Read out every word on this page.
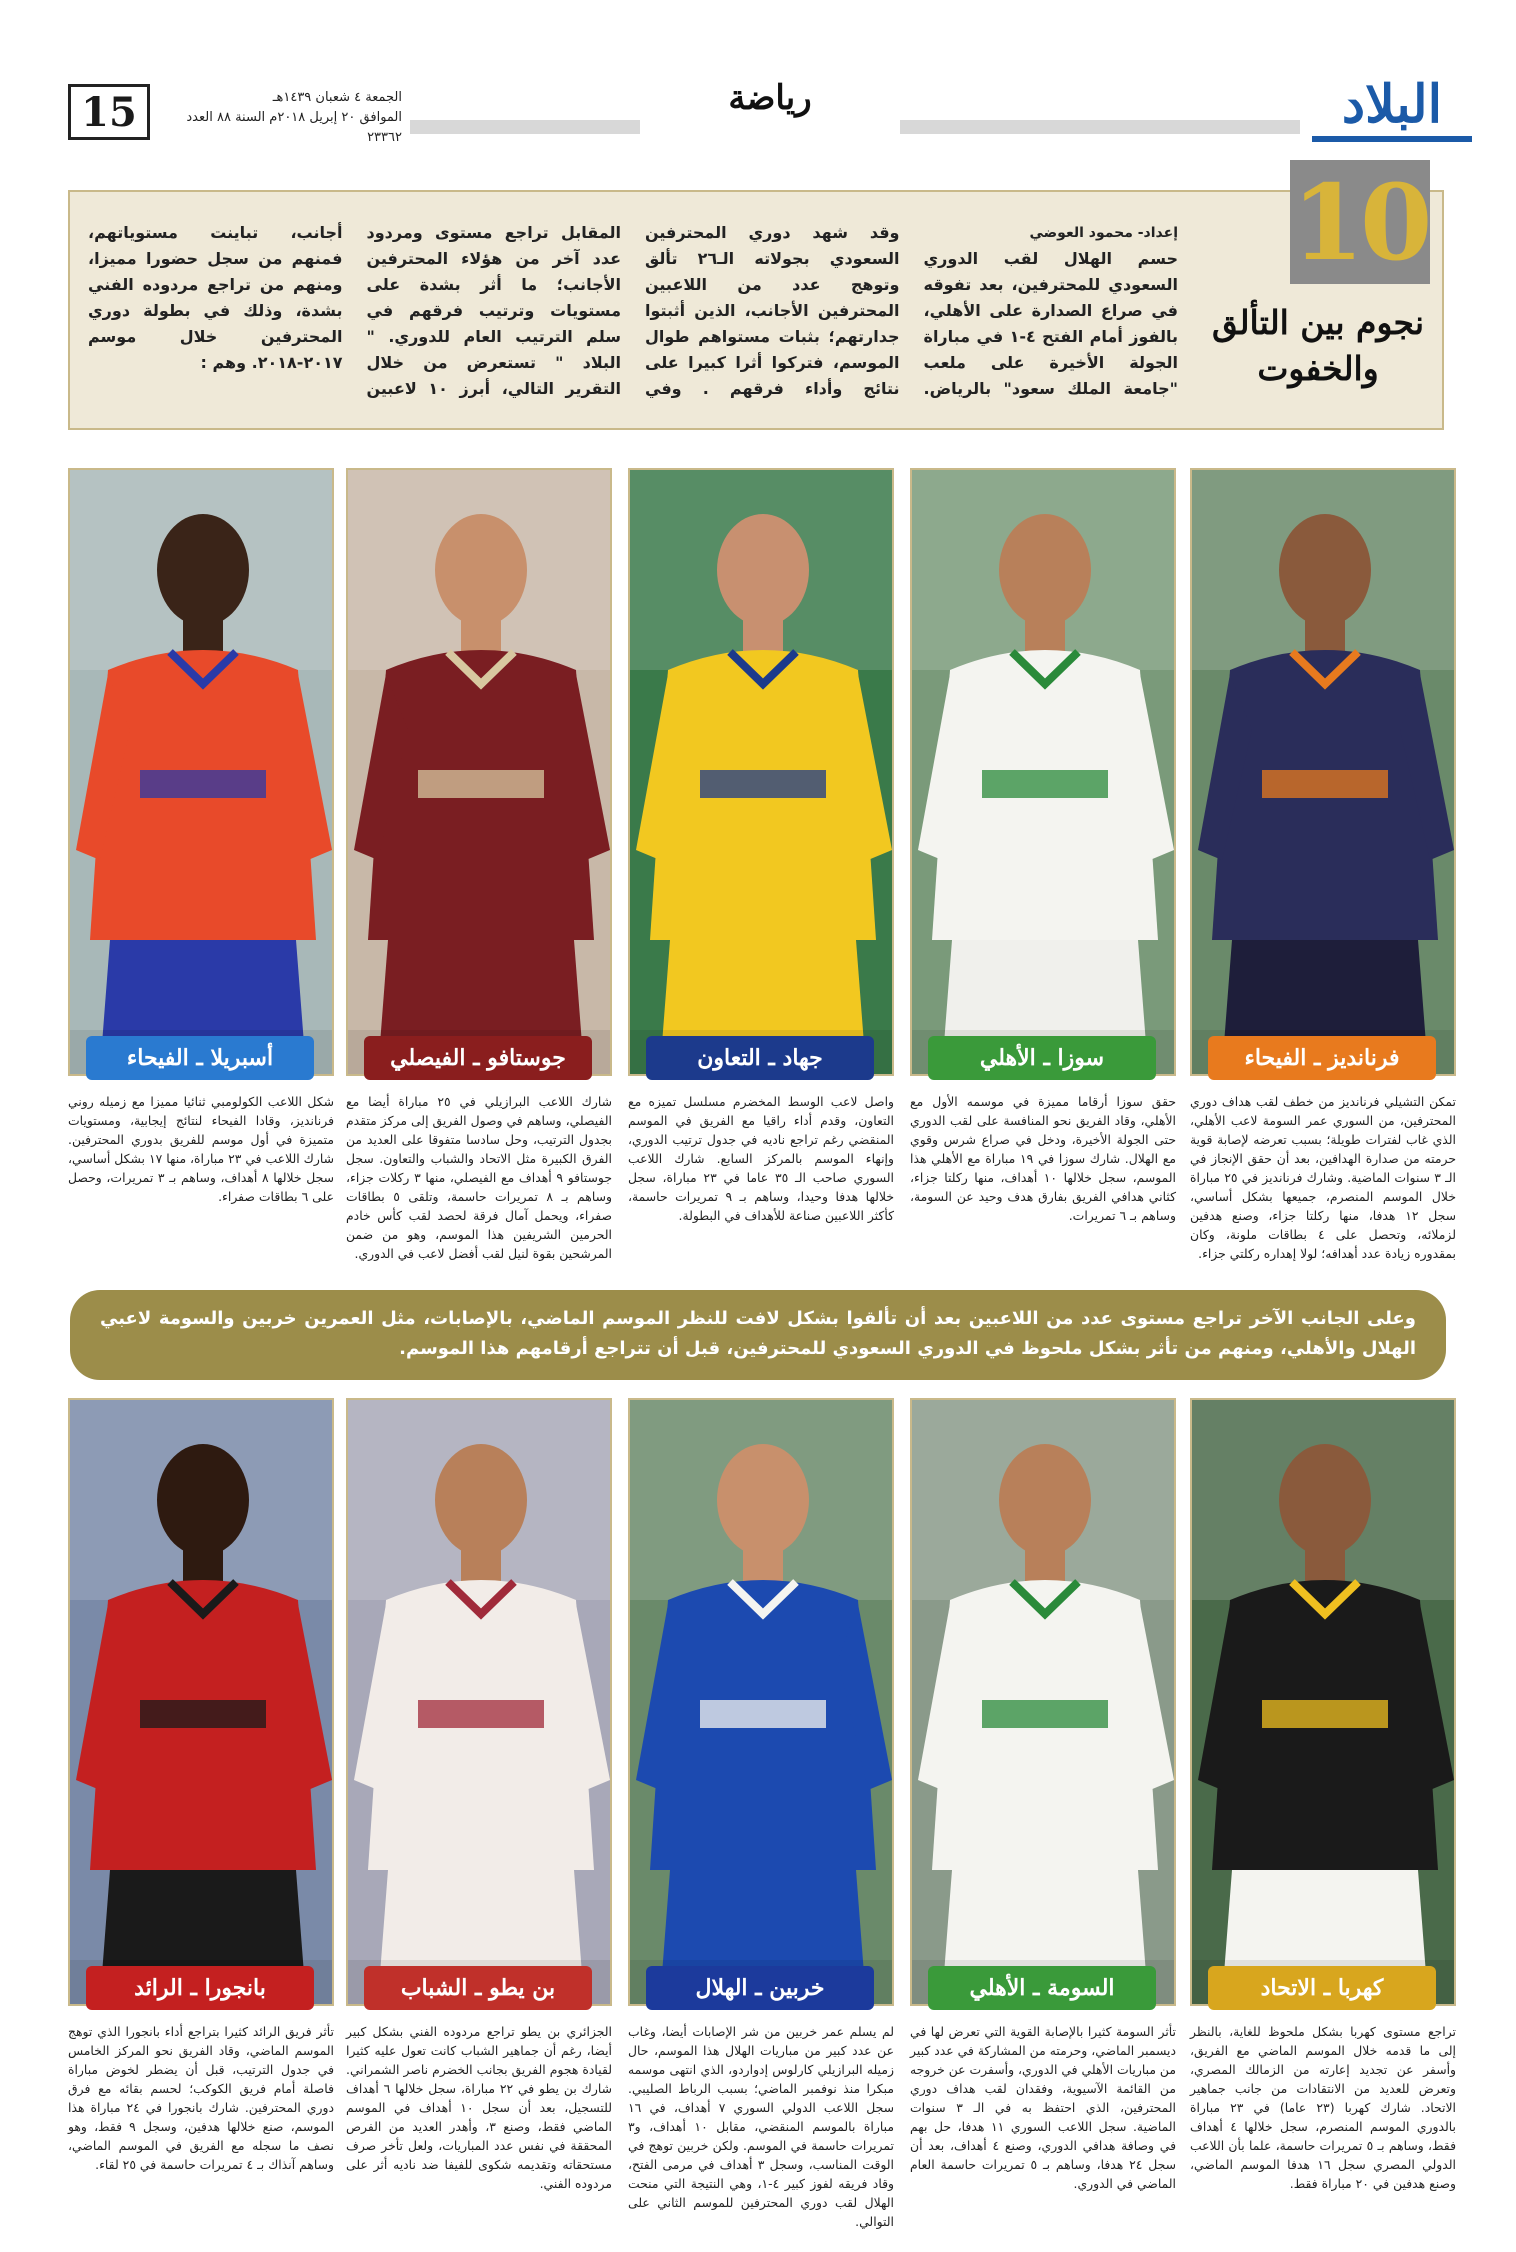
15	الجمعة ٤ شعبان ١٤٣٩هـ
الموافق ٢٠ إبريل ٢٠١٨م السنة ٨٨ العدد ٢٣٣٦٢
رياضة	البلاد
10
نجوم بين التألق والخفوت
إعداد- محمود العوضي
حسم الهلال لقب الدوري السعودي للمحترفين، بعد تفوقه في صراع الصدارة على الأهلي، بالفوز أمام الفتح ٤-١ في مباراة الجولة الأخيرة على ملعب "جامعة الملك سعود" بالرياض. وقد شهد دوري المحترفين السعودي بجولاته الـ٢٦ تألق وتوهج عدد من اللاعبين المحترفين الأجانب، الذين أثبتوا جدارتهم؛ بثبات مستواهم طوال الموسم، فتركوا أثرا كبيرا على نتائج وأداء فرقهم . وفي المقابل تراجع مستوى ومردود عدد آخر من هؤلاء المحترفين الأجانب؛ ما أثر بشدة على مستويات وترتيب فرقهم في سلم الترتيب العام للدوري. " البلاد " تستعرض من خلال التقرير التالي، أبرز ١٠ لاعبين أجانب، تباينت مستوياتهم، فمنهم من سجل حضورا مميزا، ومنهم من تراجع مردوده الفني بشدة، وذلك في بطولة دوري المحترفين خلال موسم ٢٠١٧-٢٠١٨. وهم :
فرنانديز ـ الفيحاء
تمكن التشيلي فرنانديز من خطف لقب هداف دوري المحترفين، من السوري عمر السومة لاعب الأهلي، الذي غاب لفترات طويلة؛ بسبب تعرضه لإصابة قوية حرمته من صدارة الهدافين، بعد أن حقق الإنجاز في الـ ٣ سنوات الماضية. وشارك فرنانديز في ٢٥ مباراة خلال الموسم المنصرم، جميعها بشكل أساسي، سجل ١٢ هدفا، منها ركلتا جزاء، وصنع هدفين لزملائه، وتحصل على ٤ بطاقات ملونة، وكان بمقدوره زيادة عدد أهدافه؛ لولا إهداره ركلتي جزاء.
سوزا ـ الأهلي
حقق سوزا أرقاما مميزة في موسمه الأول مع الأهلي، وقاد الفريق نحو المنافسة على لقب الدوري حتى الجولة الأخيرة، ودخل في صراع شرس وقوي مع الهلال. شارك سوزا في ١٩ مباراة مع الأهلي هذا الموسم، سجل خلالها ١٠ أهداف، منها ركلتا جزاء، كثاني هدافي الفريق بفارق هدف وحيد عن السومة، وساهم بـ ٦ تمريرات.
جهاد ـ التعاون
واصل لاعب الوسط المخضرم مسلسل تميزه مع التعاون، وقدم أداء راقيا مع الفريق في الموسم المنقضي رغم تراجع ناديه في جدول ترتيب الدوري، وإنهاء الموسم بالمركز السابع. شارك اللاعب السوري صاحب الـ ٣٥ عاما في ٢٣ مباراة، سجل خلالها هدفا وحيدا، وساهم بـ ٩ تمريرات حاسمة، كأكثر اللاعبين صناعة للأهداف في البطولة.
جوستافو ـ الفيصلي
شارك اللاعب البرازيلي في ٢٥ مباراة أيضا مع الفيصلي، وساهم في وصول الفريق إلى مركز متقدم بجدول الترتيب، وحل سادسا متفوقا على العديد من الفرق الكبيرة مثل الاتحاد والشباب والتعاون. سجل جوستافو ٩ أهداف مع الفيصلي، منها ٣ ركلات جزاء، وساهم بـ ٨ تمريرات حاسمة، وتلقى ٥ بطاقات صفراء، ويحمل آمال فرقة لحصد لقب كأس خادم الحرمين الشريفين هذا الموسم، وهو من ضمن المرشحين بقوة لنيل لقب أفضل لاعب في الدوري.
أسبريلا ـ الفيحاء
شكل اللاعب الكولومبي ثنائيا مميزا مع زميله روني فرنانديز، وقادا الفيحاء لنتائج إيجابية، ومستويات متميزة في أول موسم للفريق بدوري المحترفين. شارك اللاعب في ٢٣ مباراة، منها ١٧ بشكل أساسي، سجل خلالها ٨ أهداف، وساهم بـ ٣ تمريرات، وحصل على ٦ بطاقات صفراء.
وعلى الجانب الآخر تراجع مستوى عدد من اللاعبين بعد أن تألقوا بشكل لافت للنظر الموسم الماضي، بالإصابات، مثل العمرين خربين والسومة لاعبي الهلال والأهلي، ومنهم من تأثر بشكل ملحوظ في الدوري السعودي للمحترفين، قبل أن تتراجع أرقامهم هذا الموسم.
كهربا ـ الاتحاد
تراجع مستوى كهربا بشكل ملحوظ للغاية، بالنظر إلى ما قدمه خلال الموسم الماضي مع الفريق، وأسفر عن تجديد إعارته من الزمالك المصري، وتعرض للعديد من الانتقادات من جانب جماهير الاتحاد. شارك كهربا (٢٣ عاما) في ٢٣ مباراة بالدوري الموسم المنصرم، سجل خلالها ٤ أهداف فقط، وساهم بـ ٥ تمريرات حاسمة، علما بأن اللاعب الدولي المصري سجل ١٦ هدفا الموسم الماضي، وصنع هدفين في ٢٠ مباراة فقط.
السومة ـ الأهلي
تأثر السومة كثيرا بالإصابة القوية التي تعرض لها في ديسمبر الماضي، وحرمته من المشاركة في عدد كبير من مباريات الأهلي في الدوري، وأسفرت عن خروجه من القائمة الآسيوية، وفقدان لقب هداف دوري المحترفين، الذي احتفظ به في الـ ٣ سنوات الماضية. سجل اللاعب السوري ١١ هدفا، حل بهم في وصافة هدافي الدوري، وصنع ٤ أهداف، بعد أن سجل ٢٤ هدفا، وساهم بـ ٥ تمريرات حاسمة العام الماضي في الدوري.
خربين ـ الهلال
لم يسلم عمر خربين من شر الإصابات أيضا، وغاب عن عدد كبير من مباريات الهلال هذا الموسم، حال زميله البرازيلي كارلوس إدواردو، الذي انتهى موسمه مبكرا منذ نوفمبر الماضي؛ بسبب الرباط الصليبي. سجل اللاعب الدولي السوري ٧ أهداف، في ١٦ مباراة بالموسم المنقضي، مقابل ١٠ أهداف، و٣ تمريرات حاسمة في الموسم. ولكن خربين توهج في الوقت المناسب، وسجل ٣ أهداف في مرمى الفتح، وقاد فريقه لفوز كبير ٤-١، وهي النتيجة التي منحت الهلال لقب دوري المحترفين للموسم الثاني على التوالي.
بن يطو ـ الشباب
الجزائري بن يطو تراجع مردوده الفني بشكل كبير أيضا، رغم أن جماهير الشباب كانت تعول عليه كثيرا لقيادة هجوم الفريق بجانب الخضرم ناصر الشمراني. شارك بن يطو في ٢٢ مباراة، سجل خلالها ٦ أهداف للتسجيل، بعد أن سجل ١٠ أهداف في الموسم الماضي فقط، وصنع ٣، وأهدر العديد من الفرص المحققة في نفس عدد المباريات، ولعل تأخر صرف مستحقاته وتقديمه شكوى للفيفا ضد ناديه أثر على مردوده الفني.
بانجورا ـ الرائد
تأثر فريق الرائد كثيرا بتراجع أداء بانجورا الذي توهج الموسم الماضي، وقاد الفريق نحو المركز الخامس في جدول الترتيب، قبل أن يضطر لخوض مباراة فاصلة أمام فريق الكوكب؛ لحسم بقائه مع فرق دوري المحترفين. شارك بانجورا في ٢٤ مباراة هذا الموسم، صنع خلالها هدفين، وسجل ٩ فقط، وهو نصف ما سجله مع الفريق في الموسم الماضي، وساهم آنذاك بـ ٤ تمريرات حاسمة في ٢٥ لقاء.
